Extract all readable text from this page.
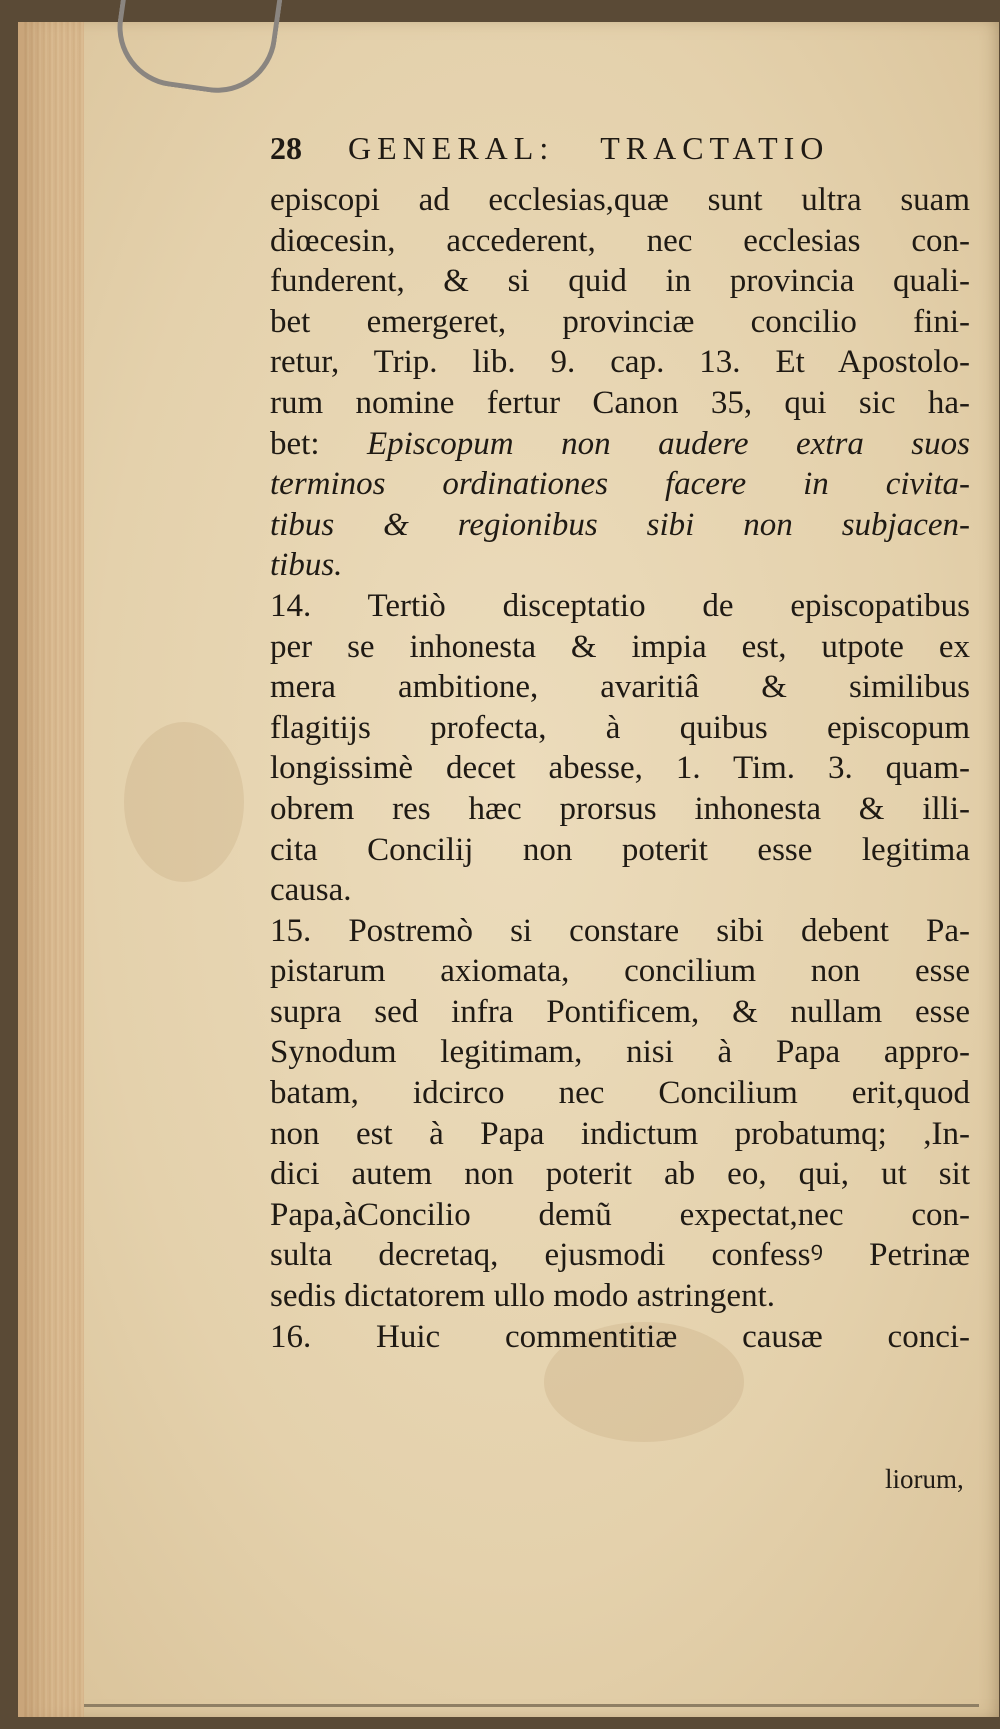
28 GENERAL: TRACTATIO
episcopi ad ecclesias,quæ sunt ultra suam
diœcesin, accederent, nec ecclesias con-
funderent, & si quid in provincia quali-
bet emergeret, provinciæ concilio fini-
retur, Trip. lib. 9. cap. 13. Et Apostolo-
rum nomine fertur Canon 35, qui sic ha-
bet: Episcopum non audere extra suos
terminos ordinationes facere in civita-
tibus & regionibus sibi non subjacen-
tibus.
14. Tertiò disceptatio de episcopatibus
per se inhonesta & impia est, utpote ex
mera ambitione, avaritiâ & similibus
flagitijs profecta, à quibus episcopum
longissimè decet abesse, 1. Tim. 3. quam-
obrem res hæc prorsus inhonesta & illi-
cita Concilij non poterit esse legitima
causa.
15. Postremò si constare sibi debent Pa-
pistarum axiomata, concilium non esse
supra sed infra Pontificem, & nullam esse
Synodum legitimam, nisi à Papa appro-
batam, idcirco nec Concilium erit,quod
non est à Papa indictum probatumq; ,In-
dici autem non poterit ab eo, qui, ut sit
Papa,àConcilio demũ expectat,nec con-
sulta decretaq, ejusmodi confessꝰ Petrinæ
sedis dictatorem ullo modo astringent.
16. Huic commentitiæ causæ conci-
liorum,
